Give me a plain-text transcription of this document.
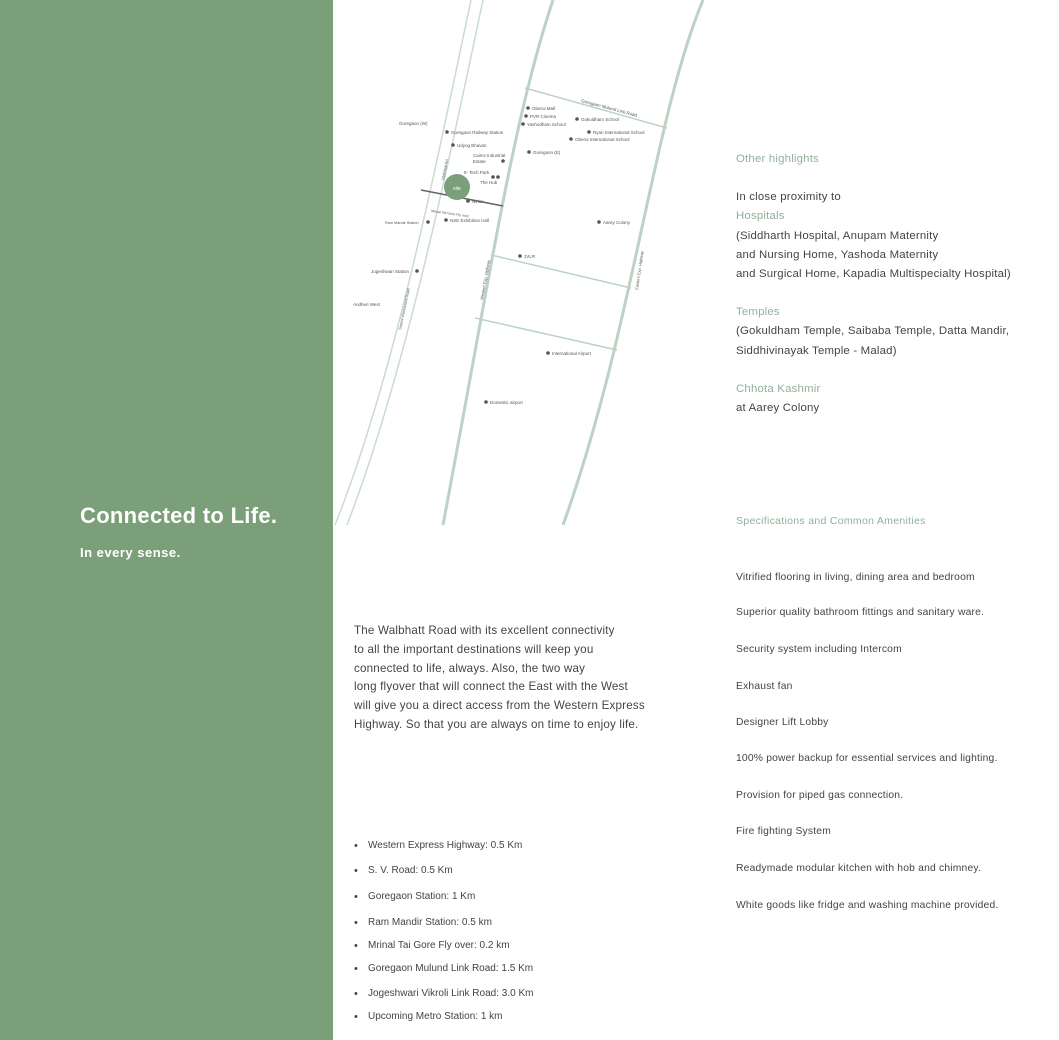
Connected to Life.
In every sense.
site
Goregaon Mulund Link Road
Oberoi Mall
PVR Cinema
Yashodham School
Gokuldham School
Ryan International School
Oberoi International School
Goregaon (W)
Goregaon Railway Station
Udyog Bhavan
Goregaon (E)
Caims Industrial
Estate
It- Tech Park
The Hub
Nirlon
Mrinal Tai Gore Fly over
Ram Mandir Station	NSE Exhibition Hall	Aarey Colony
Walbhatt Rd
Jogeshwari Station
JVLR
Western Exp. Highway	Eastern Exp. Highway
Andheri West	Swami Vivekanand Road
International Airport
Domestic airport

The Walbhatt Road with its excellent connectivity

to all the important destinations will keep you

connected to life, always. Also, the two way

long flyover that will connect the East with the West

will give you a direct access from the Western Express

Highway. So that you are always on time to enjoy life.

• Western Express Highway: 0.5 Km
• S. V. Road: 0.5 Km
• Goregaon Station: 1 Km
• Ram Mandir Station: 0.5 km
• Mrinal Tai Gore Fly over: 0.2 km
• Goregaon Mulund Link Road: 1.5 Km
• Jogeshwari Vikroli Link Road: 3.0 Km
• Upcoming Metro Station: 1 km
Other highlights
In close proximity to
Hospitals
(Siddharth Hospital, Anupam Maternity
and Nursing Home, Yashoda Maternity
and Surgical Home, Kapadia Multispecialty Hospital)
Temples
(Gokuldham Temple, Saibaba Temple, Datta Mandir,
Siddhivinayak Temple - Malad)
Chhota Kashmir
at Aarey Colony
Specifications and Common Amenities
Vitrified flooring in living, dining area and bedroom
Superior quality bathroom fittings and sanitary ware.
Security system including Intercom
Exhaust fan
Designer Lift Lobby
100% power backup for essential services and lighting.
Provision for piped gas connection.
Fire fighting System
Readymade modular kitchen with hob and chimney.
White goods like fridge and washing machine provided.
